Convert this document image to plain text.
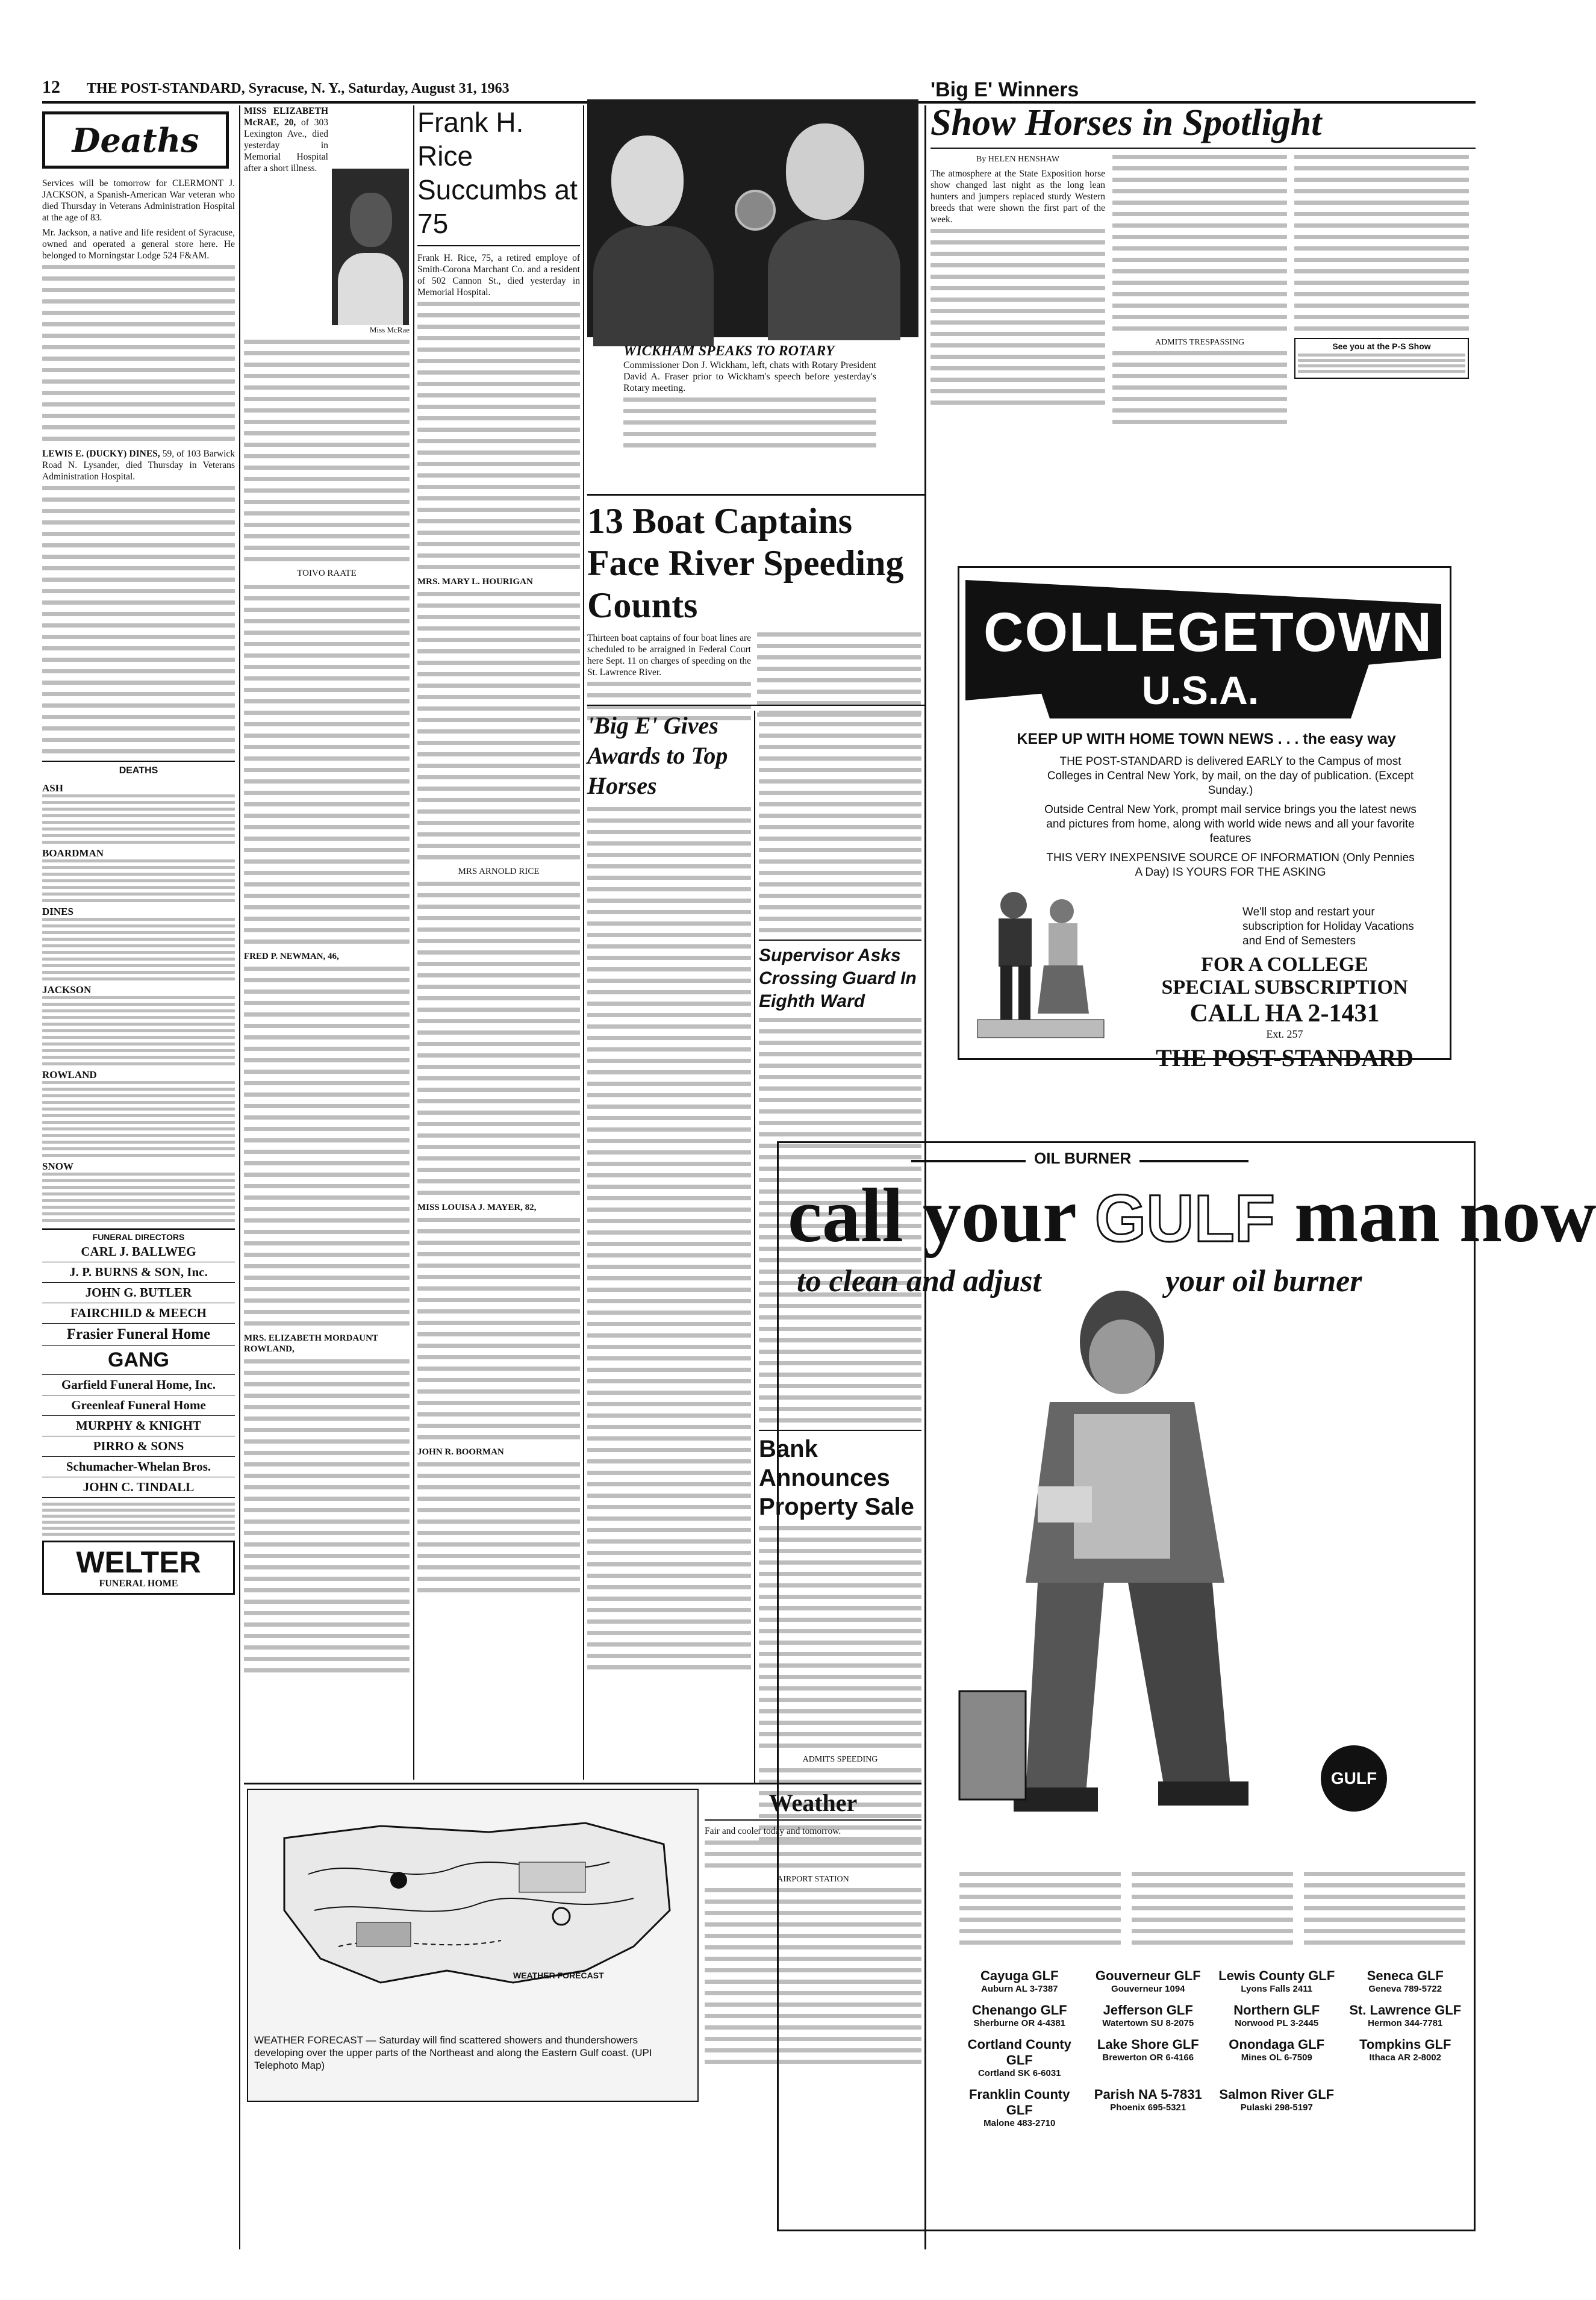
12 THE POST-STANDARD, Syracuse, N. Y., Saturday, August 31, 1963
Deaths

Services will be tomorrow for CLERMONT J. JACKSON, a Spanish-American War veteran who died Thursday in Veterans Administration Hospital at the age of 83.

Mr. Jackson, a native and life resident of Syracuse, owned and operated a general store here. He belonged to Morningstar Lodge 524 F&AM.

LEWIS E. (DUCKY) DINES, 59, of 103 Barwick Road N. Lysander, died Thursday in Veterans Administration Hospital.

DEATHS
ASH
BOARDMAN
DINES
JACKSON
ROWLAND
SNOW
FUNERAL DIRECTORS
CARL J. BALLWEG
J. P. BURNS & SON, Inc.
JOHN G. BUTLER
FAIRCHILD & MEECH
Frasier Funeral Home
GANG
Garfield Funeral Home, Inc.
Greenleaf Funeral Home
MURPHY & KNIGHT
PIRRO & SONS
Schumacher-Whelan Bros.
JOHN C. TINDALL
WELTER
FUNERAL HOME

MISS ELIZABETH McRAE, 20, of 303 Lexington Ave., died yesterday in Memorial Hospital after a short illness.

Miss McRae
TOIVO RAATE
FRED P. NEWMAN, 46,
MRS. ELIZABETH MORDAUNT ROWLAND,
Frank H. Rice Succumbs at 75

Frank H. Rice, 75, a retired employe of Smith-Corona Marchant Co. and a resident of 502 Cannon St., died yesterday in Memorial Hospital.

MRS. MARY L. HOURIGAN
MRS ARNOLD RICE
MISS LOUISA J. MAYER, 82,
JOHN R. BOORMAN
WICKHAM SPEAKS TO ROTARY

Commissioner Don J. Wickham, left, chats with Rotary President David A. Fraser prior to Wickham's speech before yesterday's Rotary meeting.

13 Boat Captains Face River Speeding Counts

Thirteen boat captains of four boat lines are scheduled to be arraigned in Federal Court here Sept. 11 on charges of speeding on the St. Lawrence River.

'Big E' Gives Awards to Top Horses
Supervisor Asks Crossing Guard In Eighth Ward
Bank Announces Property Sale
ADMITS SPEEDING
WEATHER FORECAST
WEATHER FORECAST — Saturday will find scattered showers and thundershowers developing over the upper parts of the Northeast and along the Eastern Gulf coast. (UPI Telephoto Map)
Weather

Fair and cooler today and tomorrow.

AIRPORT STATION
'Big E' Winners
Show Horses in Spotlight
By HELEN HENSHAW

The atmosphere at the State Exposition horse show changed last night as the long lean hunters and jumpers replaced sturdy Western breeds that were shown the first part of the week.

ADMITS TRESPASSING	See you at the P-S Show
COLLEGETOWN
U.S.A.
KEEP UP WITH HOME TOWN NEWS . . . the easy way
THE POST-STANDARD is delivered EARLY to the Campus of most Colleges in Central New York, by mail, on the day of publication. (Except Sunday.)
Outside Central New York, prompt mail service brings you the latest news and pictures from home, along with world wide news and all your favorite features
THIS VERY INEXPENSIVE SOURCE OF INFORMATION (Only Pennies A Day) IS YOURS FOR THE ASKING
We'll stop and restart your subscription for Holiday Vacations and End of Semesters
FOR A COLLEGE
SPECIAL SUBSCRIPTION
CALL HA 2-1431
Ext. 257
THE POST-STANDARD
OIL BURNER
call your GULF man now
to clean and adjust	your oil burner
GULF
Cayuga GLF
Auburn AL 3-7387
Gouverneur GLF
Gouverneur 1094
Lewis County GLF
Lyons Falls 2411
Seneca GLF
Geneva 789-5722
Chenango GLF
Sherburne OR 4-4381
Jefferson GLF
Watertown SU 8-2075
Northern GLF
Norwood PL 3-2445
St. Lawrence GLF
Hermon 344-7781
Cortland County GLF
Cortland SK 6-6031
Lake Shore GLF
Brewerton OR 6-4166
Onondaga GLF
Mines OL 6-7509
Tompkins GLF
Ithaca AR 2-8002
Franklin County GLF
Malone 483-2710
Parish NA 5-7831
Phoenix 695-5321
Salmon River GLF
Pulaski 298-5197
